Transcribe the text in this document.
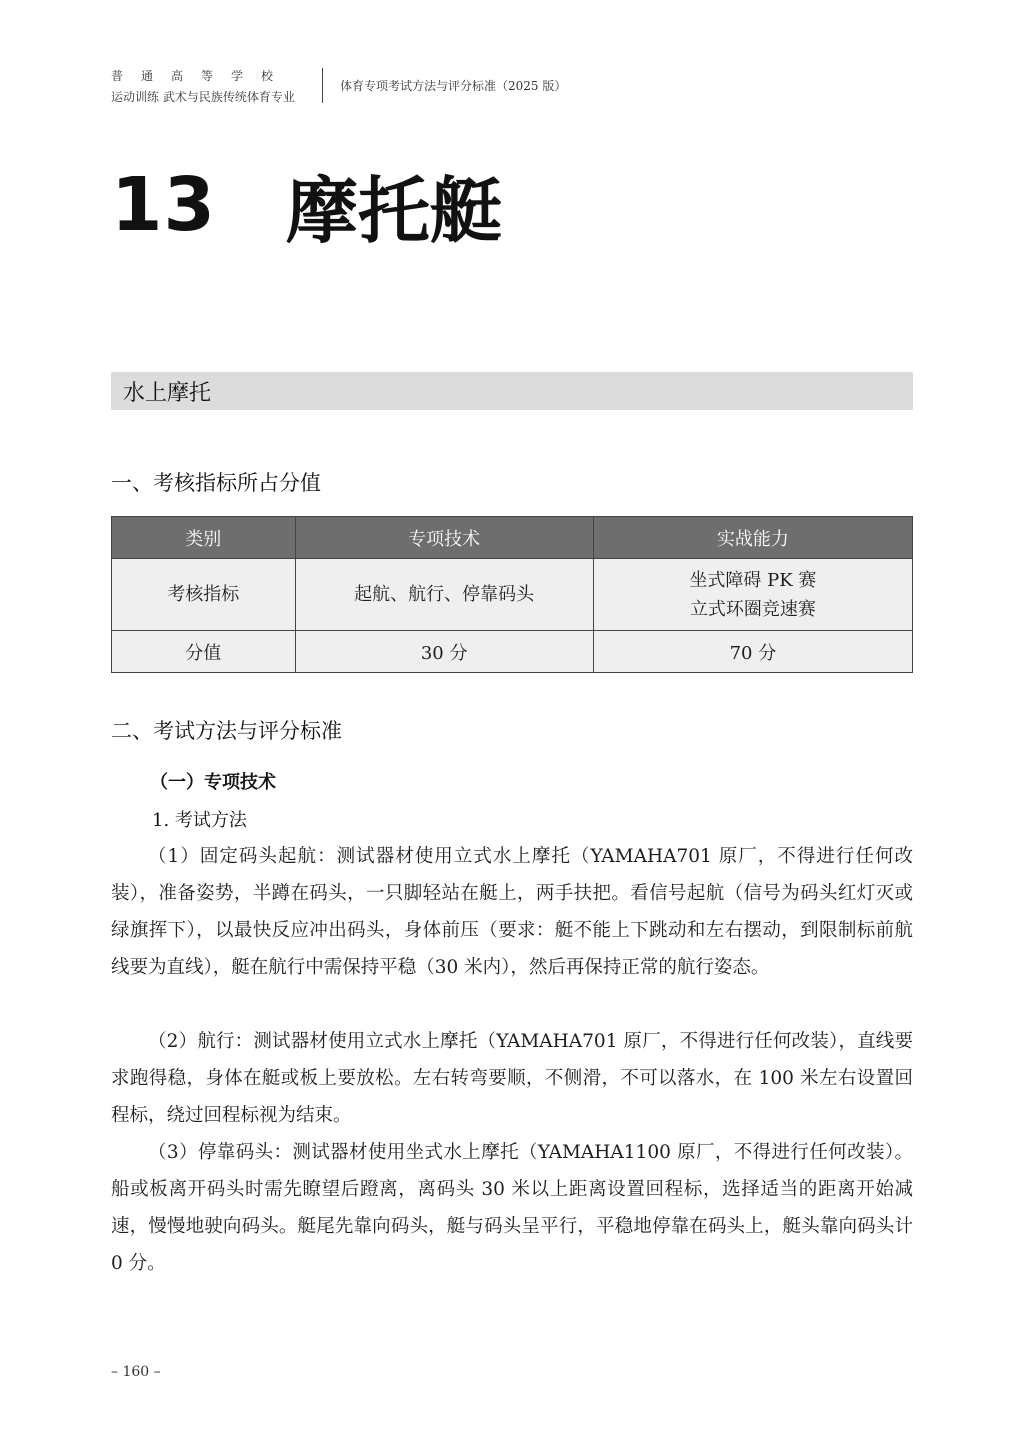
普通高等学校
运动训练 武术与民族传统体育专业
体育专项考试方法与评分标准（2025 版）
13 摩托艇
水上摩托
一、考核指标所占分值
类别	专项技术	实战能力
考核指标	起航、航行、停靠码头	坐式障碍 PK 赛
立式环圈竞速赛

分值	30 分	70 分
二、考试方法与评分标准
（一）专项技术
1. 考试方法

（1）固定码头起航：测试器材使用立式水上摩托（YAMAHA701 原厂，不得进行任何改装），准备姿势，半蹲在码头，一只脚轻站在艇上，两手扶把。看信号起航（信号为码头红灯灭或绿旗挥下），以最快反应冲出码头，身体前压（要求：艇不能上下跳动和左右摆动，到限制标前航线要为直线），艇在航行中需保持平稳（30 米内），然后再保持正常的航行姿态。

（2）航行：测试器材使用立式水上摩托（YAMAHA701 原厂，不得进行任何改装），直线要求跑得稳，身体在艇或板上要放松。左右转弯要顺，不侧滑，不可以落水，在 100 米左右设置回程标，绕过回程标视为结束。

（3）停靠码头：测试器材使用坐式水上摩托（YAMAHA1100 原厂，不得进行任何改装）。船或板离开码头时需先瞭望后蹬离，离码头 30 米以上距离设置回程标，选择适当的距离开始减速，慢慢地驶向码头。艇尾先靠向码头，艇与码头呈平行，平稳地停靠在码头上，艇头靠向码头计 0 分。

– 160 –
